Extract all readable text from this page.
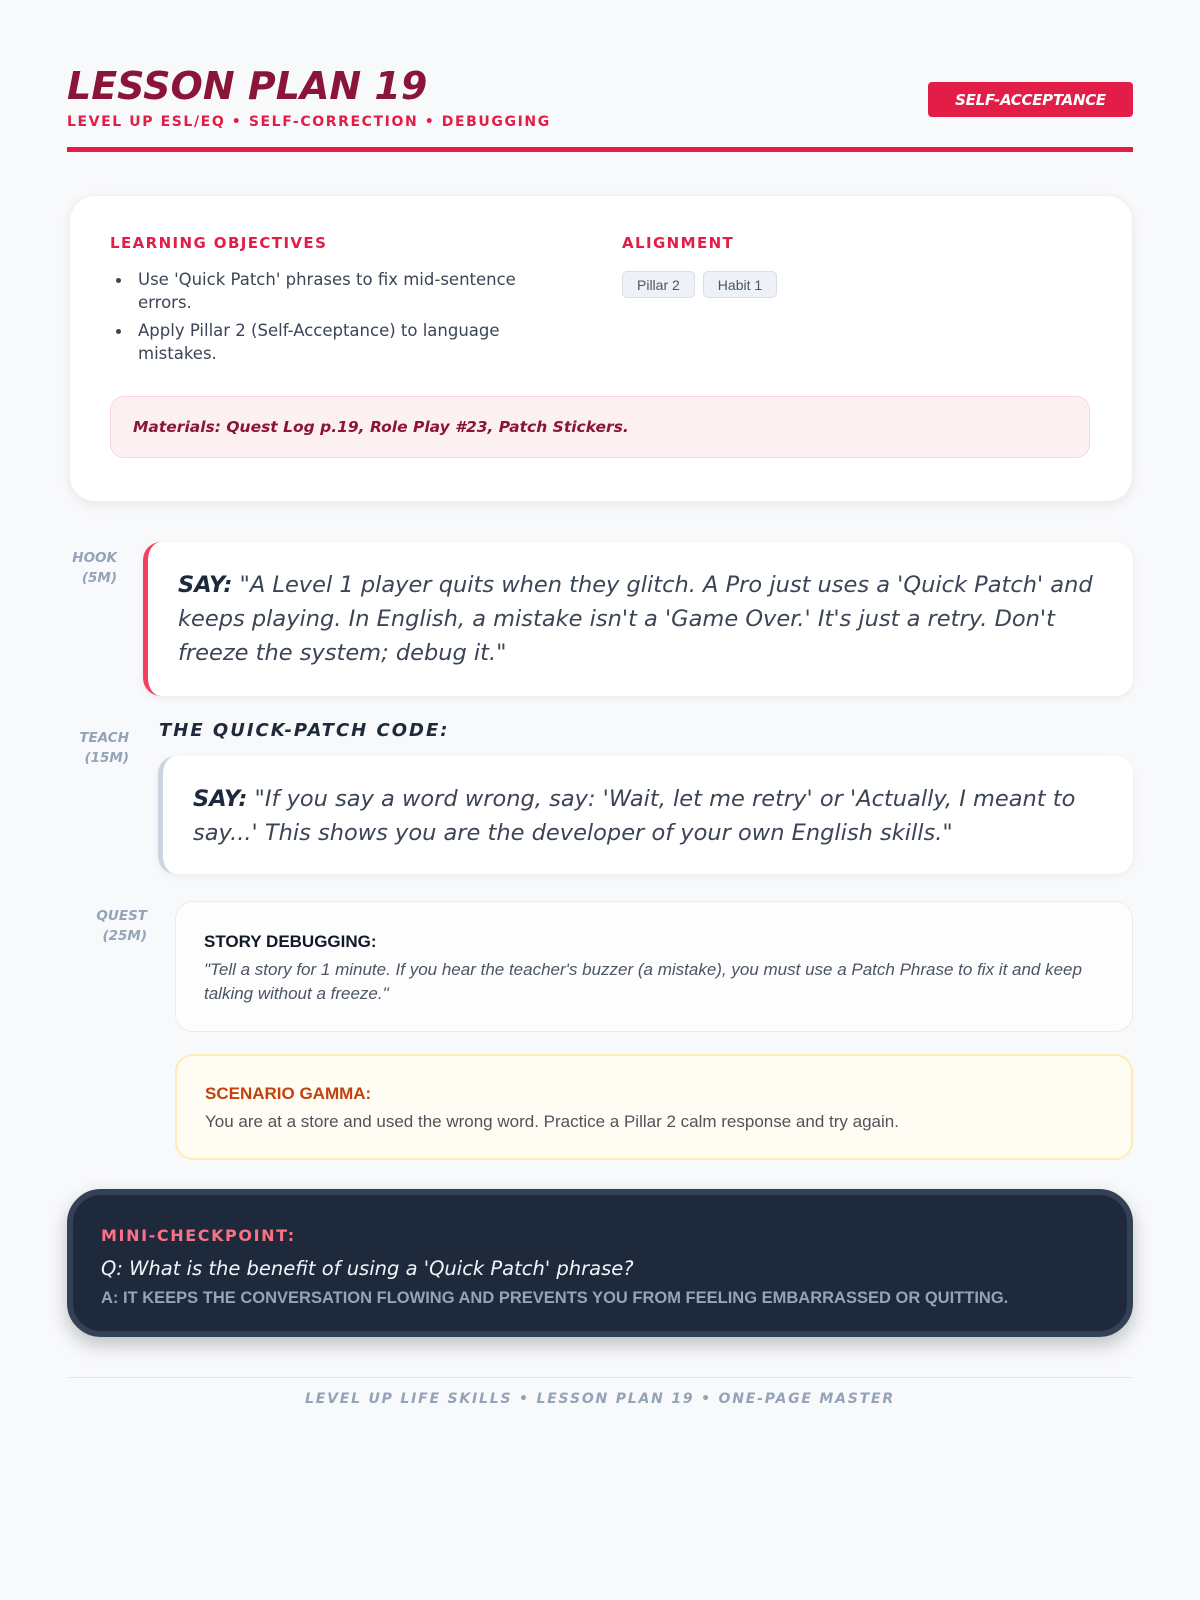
LESSON PLAN 19
LEVEL UP ESL/EQ • SELF-CORRECTION • DEBUGGING
SELF-ACCEPTANCE
LEARNING OBJECTIVES
Use 'Quick Patch' phrases to fix mid-sentence errors.
Apply Pillar 2 (Self-Acceptance) to language mistakes.
ALIGNMENT
Pillar 2	Habit 1
Materials: Quest Log p.19, Role Play #23, Patch Stickers.
HOOK
(5M)	SAY: "A Level 1 player quits when they glitch. A Pro just uses a 'Quick Patch' and keeps playing. In English, a mistake isn't a 'Game Over.' It's just a retry. Don't freeze the system; debug it."
TEACH
(15M)
THE QUICK-PATCH CODE:
SAY: "If you say a word wrong, say: 'Wait, let me retry' or 'Actually, I meant to say...' This shows you are the developer of your own English skills."
QUEST
(25M)	STORY DEBUGGING:
"Tell a story for 1 minute. If you hear the teacher's buzzer (a mistake), you must use a Patch Phrase to fix it and keep talking without a freeze."
SCENARIO GAMMA:
You are at a store and used the wrong word. Practice a Pillar 2 calm response and try again.
MINI-CHECKPOINT:
Q: What is the benefit of using a 'Quick Patch' phrase?
A: IT KEEPS THE CONVERSATION FLOWING AND PREVENTS YOU FROM FEELING EMBARRASSED OR QUITTING.
LEVEL UP LIFE SKILLS • LESSON PLAN 19 • ONE-PAGE MASTER
